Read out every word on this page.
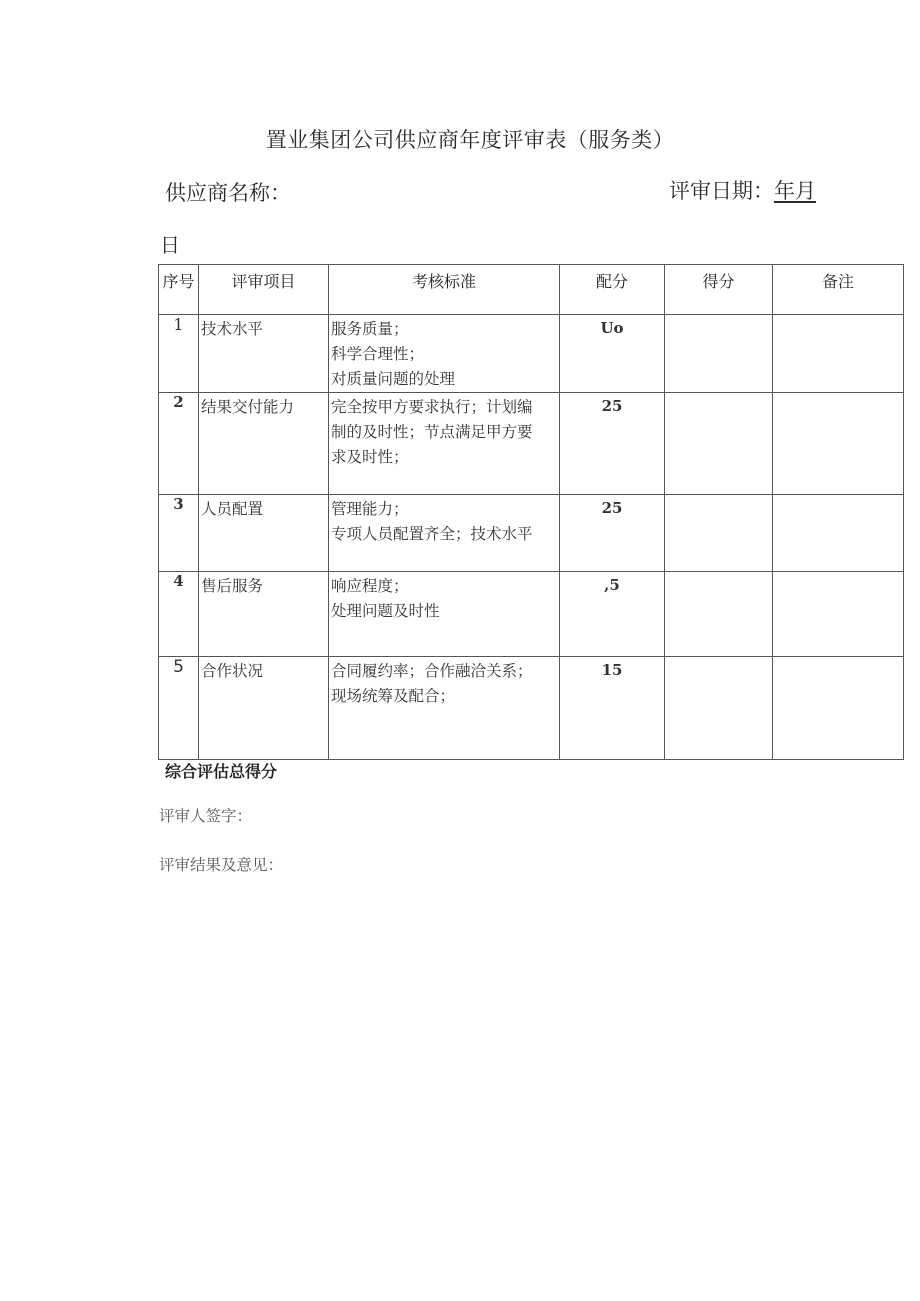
置业集团公司供应商年度评审表（服务类）
供应商名称：	评审日期：年月
日
序号	评审项目	考核标准	配分	得分	备注
1	技术水平	服务质量；
科学合理性；
对质量问题的处理	Uo		
2	结果交付能力	完全按甲方要求执行；计划编
制的及时性；节点满足甲方要
求及时性；	25		
3	人员配置	管理能力；
专项人员配置齐全；技术水平	25		
4	售后服务	响应程度；
处理问题及时性	,5		
5	合作状况	合同履约率；合作融洽关系；
现场统筹及配合；	15		
综合评估总得分
评审人签字：
评审结果及意见：
